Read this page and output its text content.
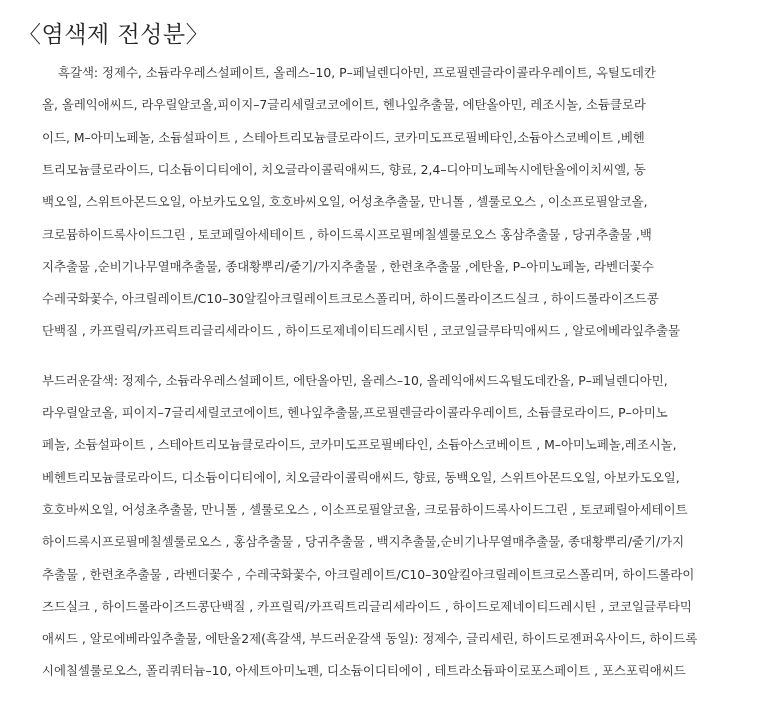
〈염색제 전성분〉
흑갈색: 정제수, 소듐라우레스설페이트, 올레스–10, P–페닐렌디아민, 프로필렌글라이콜라우레이트, 옥틸도데칸
올, 올레익애씨드, 라우릴알코올,피이지–7글리세릴코코에이트, 헨나잎추출물, 에탄올아민, 레조시놀, 소듐클로라
이드, M–아미노페놀, 소듐설파이트 , 스테아트리모늄클로라이드, 코카미도프로필베타인,소듐아스코베이트 ,베헨
트리모늄클로라이드, 디소듐이디티에이, 치오글라이콜릭애씨드, 향료, 2,4–디아미노페녹시에탄올에이치씨엘, 동
백오일, 스위트아몬드오일, 아보카도오일, 호호바씨오일, 어성초추출물, 만니톨 , 셀룰로오스 , 이소프로필알코올,
크로뮴하이드록사이드그린 , 토코페릴아세테이트 , 하이드록시프로필메칠셀룰로오스 홍삼추출물 , 당귀추출물 ,백
지추출물 ,순비기나무열매추출물, 종대황뿌리/줄기/가지추출물 , 한련초추출물 ,에탄올, P–아미노페놀, 라벤더꽃수
수레국화꽃수, 아크릴레이트/C10–30알킬아크릴레이트크로스폴리머, 하이드롤라이즈드실크 , 하이드롤라이즈드콩
단백질 , 카프릴릭/카프릭트리글리세라이드 , 하이드로제네이티드레시틴 , 코코일글루타믹애씨드 , 알로에베라잎추출물
부드러운갈색: 정제수, 소듐라우레스설페이트, 에탄올아민, 올레스–10, 올레익애씨드옥틸도데칸올, P–페닐렌디아민,
라우릴알코올, 피이지–7글리세릴코코에이트, 헨나잎추출물,프로필렌글라이콜라우레이트, 소듐클로라이드, P–아미노
페놀, 소듐설파이트 , 스테아트리모늄클로라이드, 코카미도프로필베타인, 소듐아스코베이트 , M–아미노페놀,레조시놀,
베헨트리모늄클로라이드, 디소듐이디티에이, 치오글라이콜릭애씨드, 향료, 동백오일, 스위트아몬드오일, 아보카도오일,
호호바씨오일, 어성초추출물, 만니톨 , 셀룰로오스 , 이소프로필알코올, 크로뮴하이드록사이드그린 , 토코페릴아세테이트
하이드록시프로필메칠셀룰로오스 , 홍삼추출물 , 당귀추출물 , 백지추출물,순비기나무열매추출물, 종대황뿌리/줄기/가지
추출물 , 한련초추출물 , 라벤더꽃수 , 수레국화꽃수, 아크릴레이트/C10–30알킬아크릴레이트크로스폴리머, 하이드롤라이
즈드실크 , 하이드롤라이즈드콩단백질 , 카프릴릭/카프릭트리글리세라이드 , 하이드로제네이티드레시틴 , 코코일글루타믹
애씨드 , 알로에베라잎추출물, 에탄올2제(흑갈색, 부드러운갈색 동일): 정제수, 글리세린, 하이드로젠퍼옥사이드, 하이드록
시에칠셀룰로오스, 폴리쿼터늄–10, 아세트아미노펜, 디소듐이디티에이 , 테트라소듐파이로포스페이트 , 포스포릭애씨드
